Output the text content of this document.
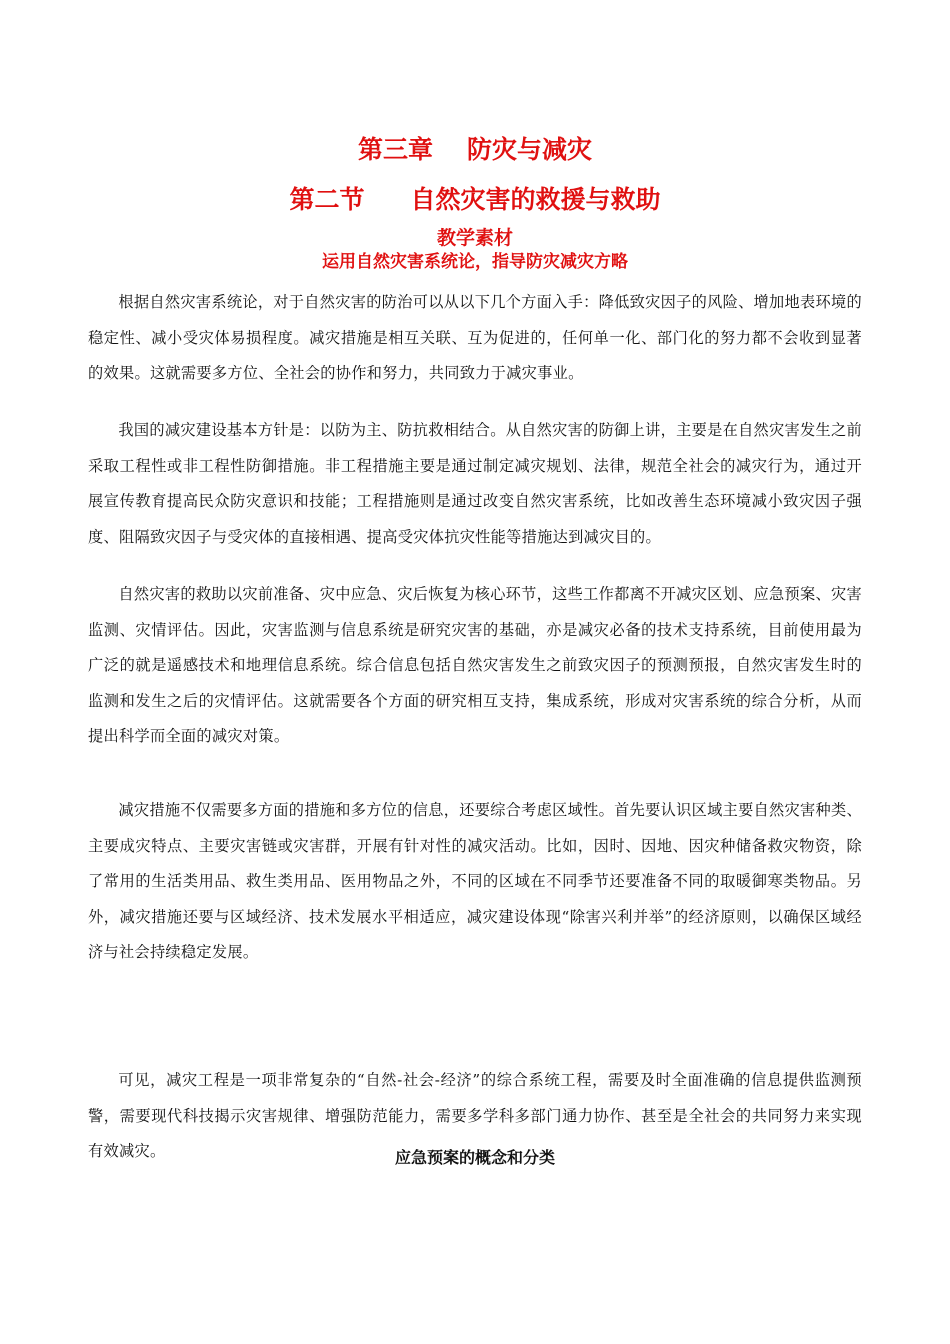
第三章 防灾与减灾
第二节 自然灾害的救援与救助
教学素材
运用自然灾害系统论，指导防灾减灾方略

根据自然灾害系统论，对于自然灾害的防治可以从以下几个方面入手：降低致灾因子的风险、增加地表环境的稳定性、减小受灾体易损程度。减灾措施是相互关联、互为促进的，任何单一化、部门化的努力都不会收到显著的效果。这就需要多方位、全社会的协作和努力，共同致力于减灾事业。

我国的减灾建设基本方针是：以防为主、防抗救相结合。从自然灾害的防御上讲，主要是在自然灾害发生之前采取工程性或非工程性防御措施。非工程措施主要是通过制定减灾规划、法律，规范全社会的减灾行为，通过开展宣传教育提高民众防灾意识和技能；工程措施则是通过改变自然灾害系统，比如改善生态环境减小致灾因子强度、阻隔致灾因子与受灾体的直接相遇、提高受灾体抗灾性能等措施达到减灾目的。

自然灾害的救助以灾前准备、灾中应急、灾后恢复为核心环节，这些工作都离不开减灾区划、应急预案、灾害监测、灾情评估。因此，灾害监测与信息系统是研究灾害的基础，亦是减灾必备的技术支持系统，目前使用最为广泛的就是遥感技术和地理信息系统。综合信息包括自然灾害发生之前致灾因子的预测预报，自然灾害发生时的监测和发生之后的灾情评估。这就需要各个方面的研究相互支持，集成系统，形成对灾害系统的综合分析，从而提出科学而全面的减灾对策。

减灾措施不仅需要多方面的措施和多方位的信息，还要综合考虑区域性。首先要认识区域主要自然灾害种类、主要成灾特点、主要灾害链或灾害群，开展有针对性的减灾活动。比如，因时、因地、因灾种储备救灾物资，除了常用的生活类用品、救生类用品、医用物品之外，不同的区域在不同季节还要准备不同的取暖御寒类物品。另外，减灾措施还要与区域经济、技术发展水平相适应，减灾建设体现“除害兴利并举”的经济原则，以确保区域经济与社会持续稳定发展。

可见，减灾工程是一项非常复杂的“自然-社会-经济”的综合系统工程，需要及时全面准确的信息提供监测预警，需要现代科技揭示灾害规律、增强防范能力，需要多学科多部门通力协作、甚至是全社会的共同努力来实现有效减灾。	应急预案的概念和分类
